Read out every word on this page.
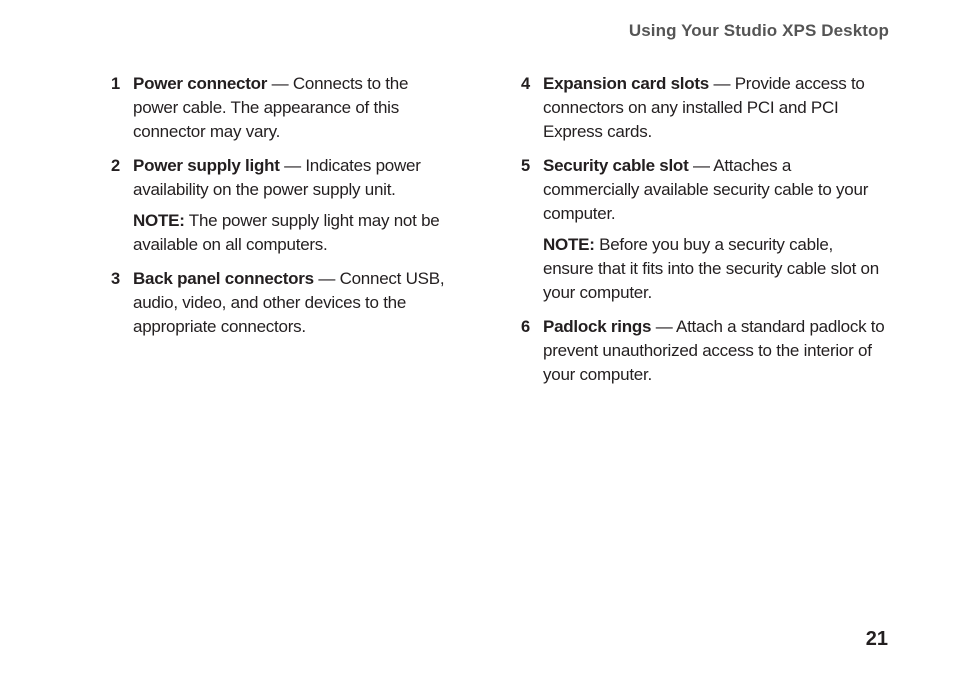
Using Your Studio XPS Desktop
1 Power connector — Connects to the power cable. The appearance of this connector may vary.

2 Power supply light — Indicates power availability on the power supply unit.

NOTE: The power supply light may not be available on all computers.

3 Back panel connectors — Connect USB, audio, video, and other devices to the appropriate connectors.

4 Expansion card slots — Provide access to connectors on any installed PCI and PCI Express cards.

5 Security cable slot — Attaches a commercially available security cable to your computer.

NOTE: Before you buy a security cable, ensure that it fits into the security cable slot on your computer.

6 Padlock rings — Attach a standard padlock to prevent unauthorized access to the interior of your computer.

21
